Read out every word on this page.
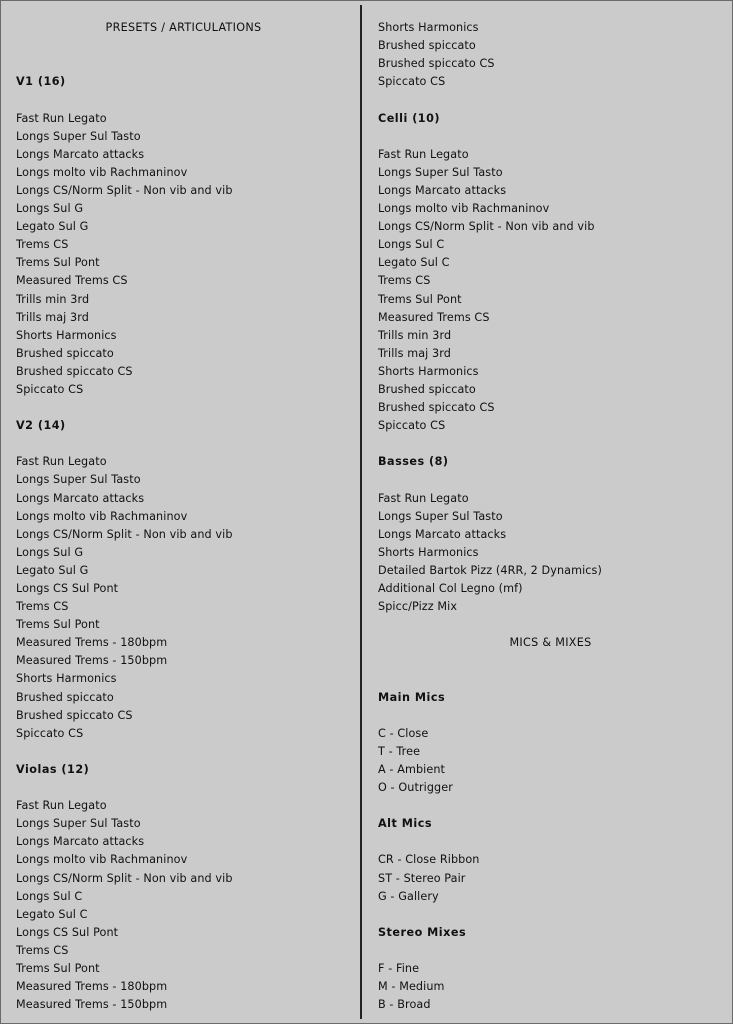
PRESETS / ARTICULATIONS
V1 (16)
Fast Run Legato
Longs Super Sul Tasto
Longs Marcato attacks
Longs molto vib Rachmaninov
Longs CS/Norm Split - Non vib and vib
Longs Sul G
Legato Sul G
Trems CS
Trems Sul Pont
Measured Trems CS
Trills min 3rd
Trills maj 3rd
Shorts Harmonics
Brushed spiccato
Brushed spiccato CS
Spiccato CS
V2 (14)
Fast Run Legato
Longs Super Sul Tasto
Longs Marcato attacks
Longs molto vib Rachmaninov
Longs CS/Norm Split - Non vib and vib
Longs Sul G
Legato Sul G
Longs CS Sul Pont
Trems CS
Trems Sul Pont
Measured Trems - 180bpm
Measured Trems - 150bpm
Shorts Harmonics
Brushed spiccato
Brushed spiccato CS
Spiccato CS
Violas (12)
Fast Run Legato
Longs Super Sul Tasto
Longs Marcato attacks
Longs molto vib Rachmaninov
Longs CS/Norm Split - Non vib and vib
Longs Sul C
Legato Sul C
Longs CS Sul Pont
Trems CS
Trems Sul Pont
Measured Trems - 180bpm
Measured Trems - 150bpm
Shorts Harmonics
Brushed spiccato
Brushed spiccato CS
Spiccato CS
Celli (10)
Fast Run Legato
Longs Super Sul Tasto
Longs Marcato attacks
Longs molto vib Rachmaninov
Longs CS/Norm Split - Non vib and vib
Longs Sul C
Legato Sul C
Trems CS
Trems Sul Pont
Measured Trems CS
Trills min 3rd
Trills maj 3rd
Shorts Harmonics
Brushed spiccato
Brushed spiccato CS
Spiccato CS
Basses (8)
Fast Run Legato
Longs Super Sul Tasto
Longs Marcato attacks
Shorts Harmonics
Detailed Bartok Pizz (4RR, 2 Dynamics)
Additional Col Legno (mf)
Spicc/Pizz Mix
MICS & MIXES
Main Mics
C - Close
T - Tree
A - Ambient
O - Outrigger
Alt Mics
CR - Close Ribbon
ST - Stereo Pair
G - Gallery
Stereo Mixes
F - Fine
M - Medium
B - Broad
